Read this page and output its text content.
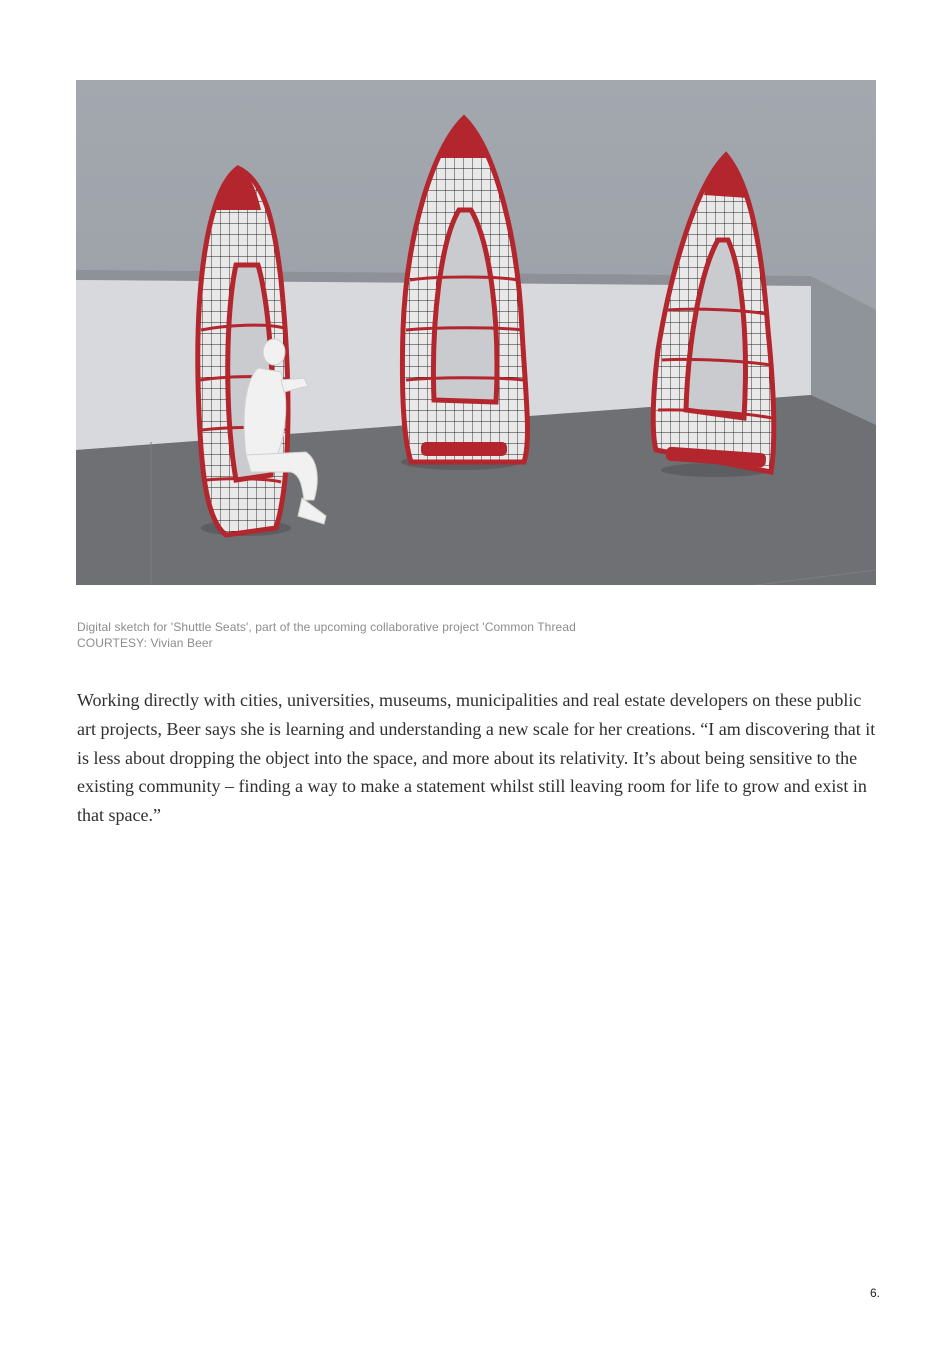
Digital sketch for 'Shuttle Seats', part of the upcoming collaborative project 'Common Thread
COURTESY: Vivian Beer

Working directly with cities, universities, museums, municipalities and real estate developers on these public art projects, Beer says she is learning and understanding a new scale for her creations. “I am discovering that it is less about dropping the object into the space, and more about its relativity. It’s about being sensitive to the existing community – finding a way to make a statement whilst still leaving room for life to grow and exist in that space.”

6.
